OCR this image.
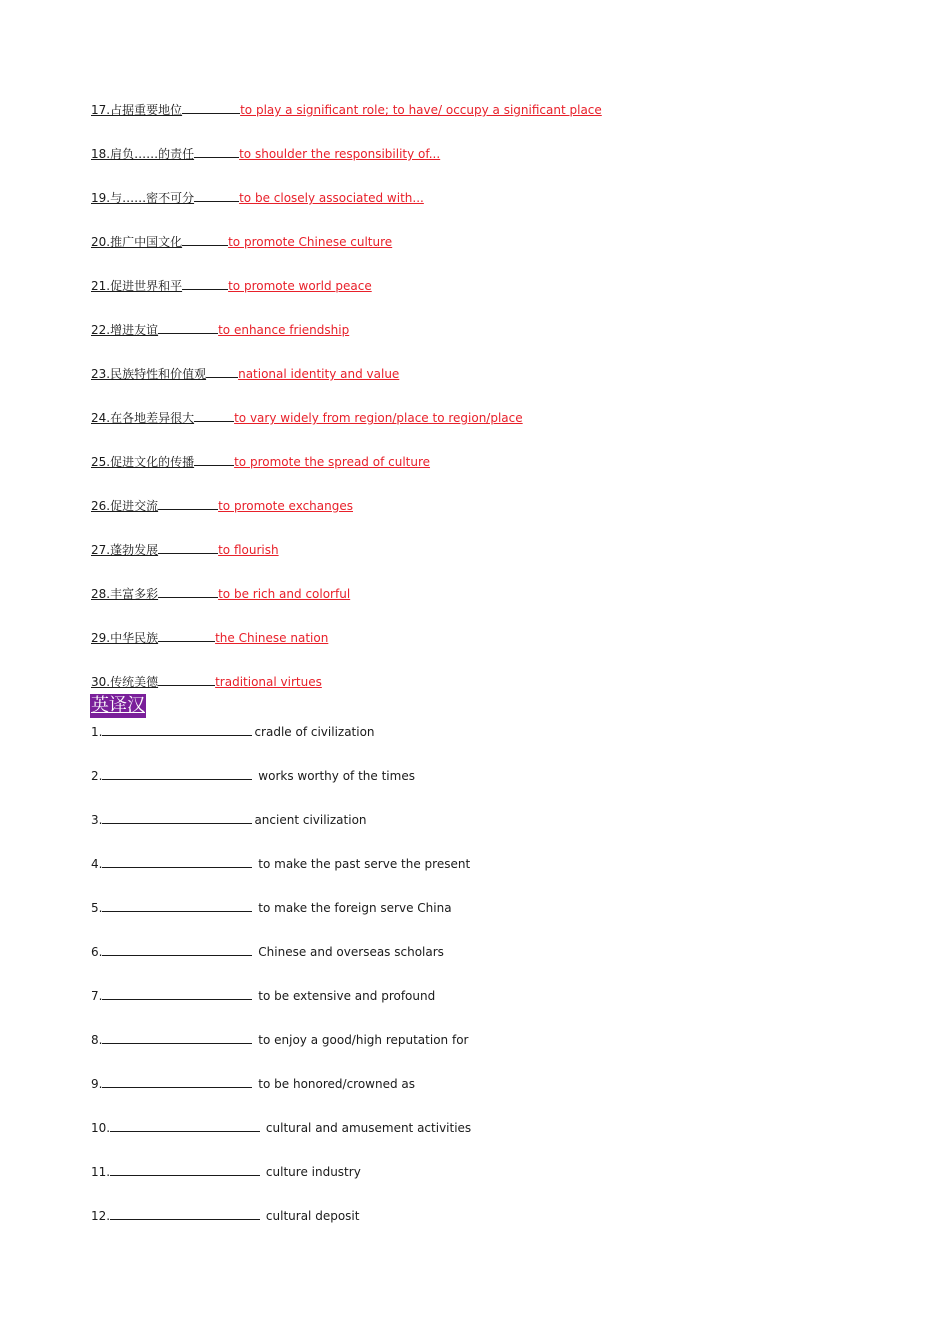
17.占据重要地位	to play a significant role; to have/ occupy a significant place
18.肩负……的责任	to shoulder the responsibility of...
19.与……密不可分	to be closely associated with...
20.推广中国文化	to promote Chinese culture
21.促进世界和平	to promote world peace
22.增进友谊	to enhance friendship
23.民族特性和价值观	national identity and value
24.在各地差异很大	to vary widely from region/place to region/place
25.促进文化的传播	to promote the spread of culture
26.促进交流	to promote exchanges
27.蓬勃发展	to flourish
28.丰富多彩	to be rich and colorful
29.中华民族	the Chinese nation
30.传统美德	traditional virtues
英译汉
1.	cradle of civilization
2.	works worthy of the times
3.	ancient civilization
4.	to make the past serve the present
5.	to make the foreign serve China
6.	Chinese and overseas scholars
7.	to be extensive and profound
8.	to enjoy a good/high reputation for
9.	to be honored/crowned as
10.	cultural and amusement activities
11.	culture industry
12.	cultural deposit
